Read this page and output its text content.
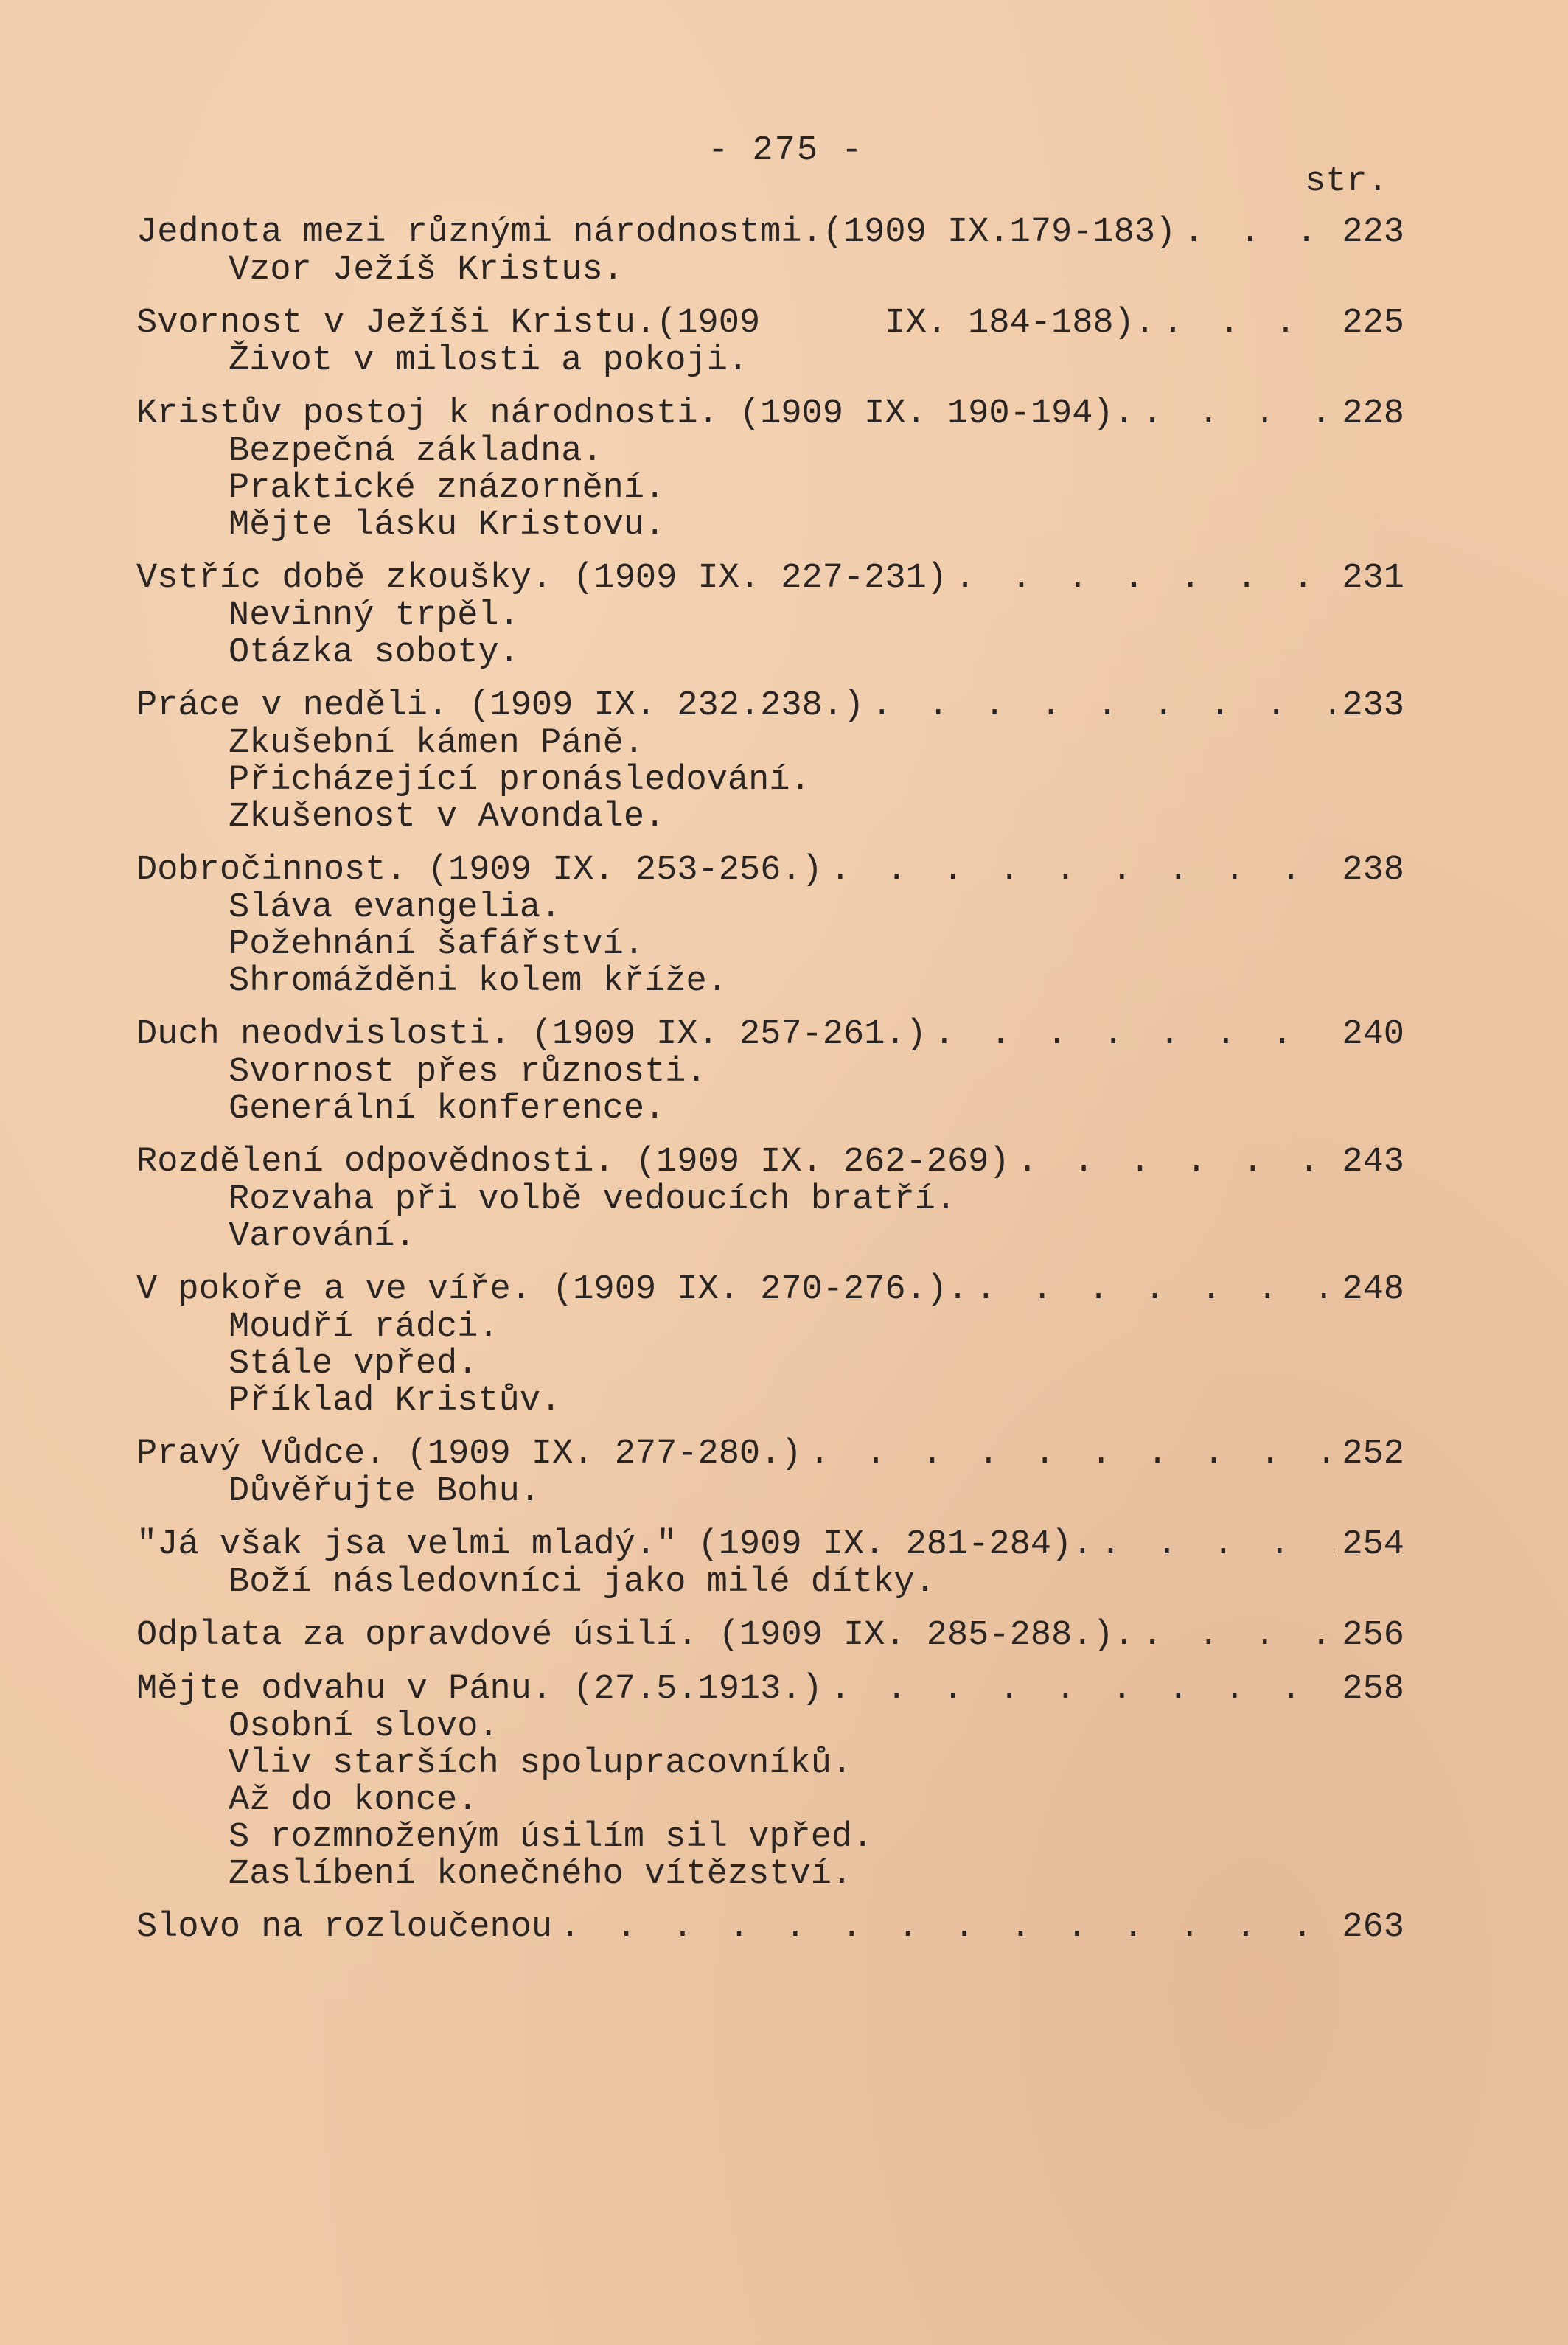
- 275 -
str.
Jednota mezi různými národnostmi.(1909 IX.179-183) . . .	223
Vzor Ježíš Kristus.
Svornost v Ježíši Kristu.(1909      IX. 184-188). . . .	225
Život v milosti a pokoji.
Kristův postoj k národnosti. (1909 IX. 190-194). . . .	228
Bezpečná základna.
Praktické znázornění.
Mějte lásku Kristovu.
Vstříc době zkoušky. (1909 IX. 227-231) . . .	231
Nevinný trpěl.
Otázka soboty.
Práce v neděli. (1909 IX. 232.238.) . . .	233
Zkušební kámen Páně.
Přicházející pronásledování.
Zkušenost v Avondale.
Dobročinnost. (1909 IX. 253-256.) . . .	238
Sláva evangelia.
Požehnání šafářství.
Shromážděni kolem kříže.
Duch neodvislosti. (1909 IX. 257-261.) . . .	240
Svornost přes různosti.
Generální konference.
Rozdělení odpovědnosti. (1909 IX. 262-269) . . .	243
Rozvaha při volbě vedoucích bratří.
Varování.
V pokoře a ve víře. (1909 IX. 270-276.). . . .	248
Moudří rádci.
Stále vpřed.
Příklad Kristův.
Pravý Vůdce. (1909 IX. 277-280.) . . .	252
Důvěřujte Bohu.
"Já však jsa velmi mladý." (1909 IX. 281-284). . . .	254
Boží následovníci jako milé dítky.
Odplata za opravdové úsilí. (1909 IX. 285-288.). . . .	256
Mějte odvahu v Pánu. (27.5.1913.) . . .	258
Osobní slovo.
Vliv starších spolupracovníků.
Až do konce.
S rozmnoženým úsilím sil vpřed.
Zaslíbení konečného vítězství.
Slovo na rozloučenou . . .	263
